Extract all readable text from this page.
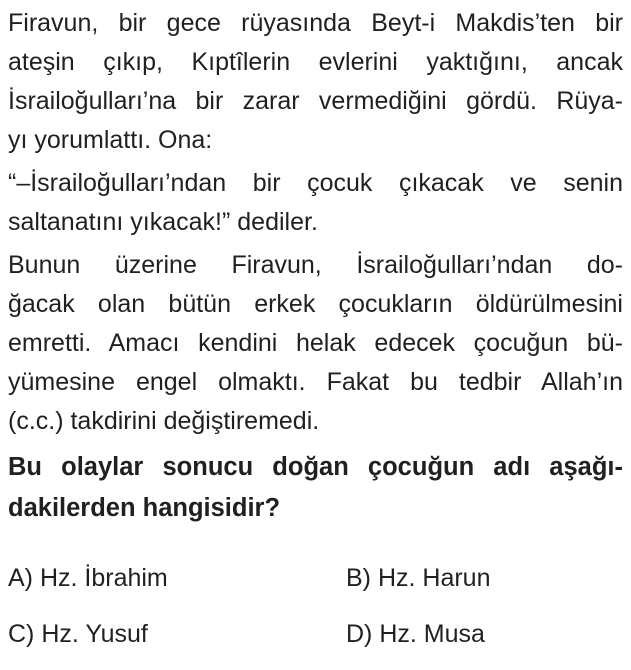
Firavun, bir gece rüyasında Beyt-i Makdis’ten bir
ateşin çıkıp, Kıptîlerin evlerini yaktığını, ancak
İsrailoğulları’na bir zarar vermediğini gördü. Rüya-
yı yorumlattı. Ona:
“–İsrailoğulları’ndan bir çocuk çıkacak ve senin
saltanatını yıkacak!” dediler.
Bunun üzerine Firavun, İsrailoğulları’ndan do-
ğacak olan bütün erkek çocukların öldürülmesini
emretti. Amacı kendini helak edecek çocuğun bü-
yümesine engel olmaktı. Fakat bu tedbir Allah’ın
(c.c.) takdirini değiştiremedi.
Bu olaylar sonucu doğan çocuğun adı aşağı-
dakilerden hangisidir?
A) Hz. İbrahim	B) Hz. Harun
C) Hz. Yusuf	D) Hz. Musa
